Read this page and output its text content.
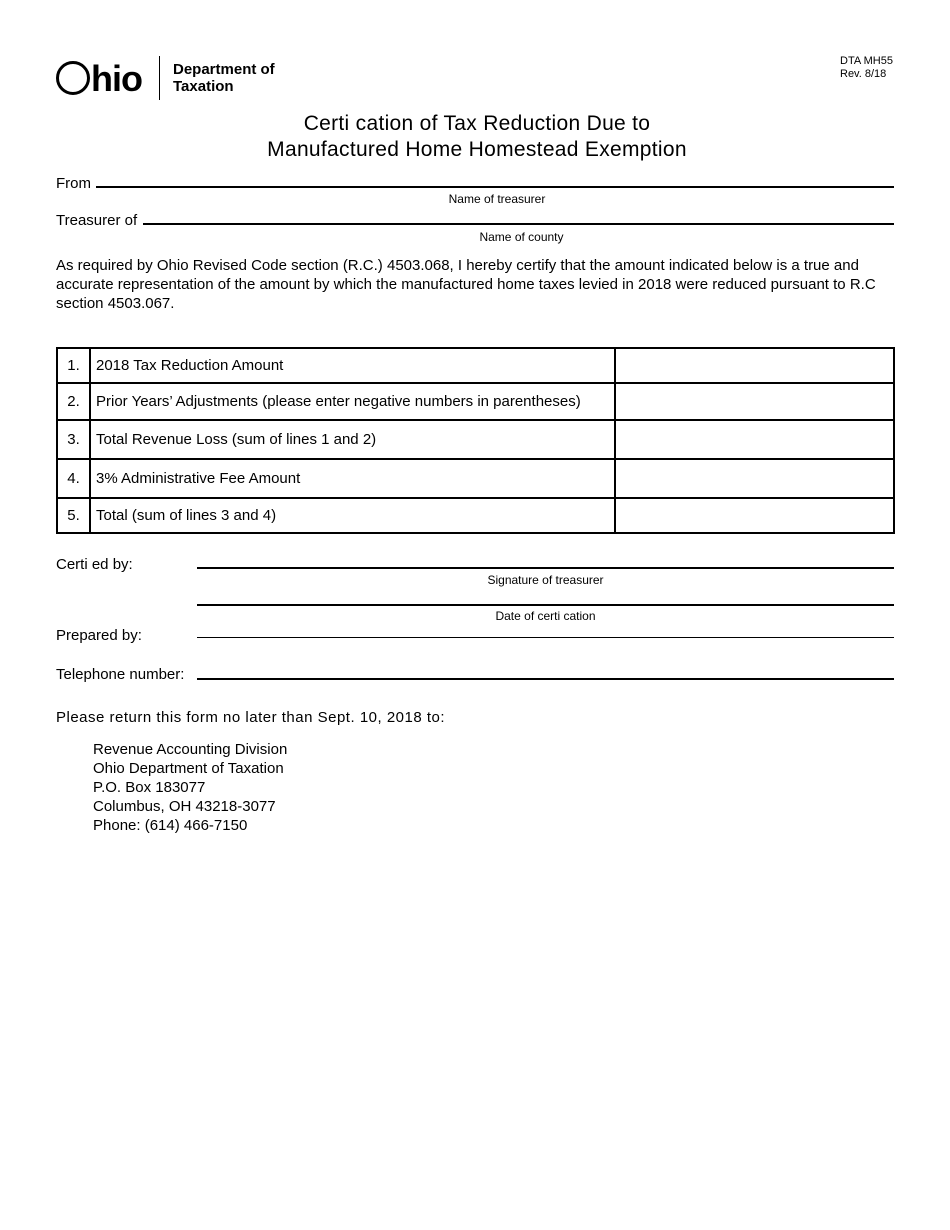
hio Department of
Taxation
DTA MH55
Rev. 8/18
Certi cation of Tax Reduction Due to
Manufactured Home Homestead Exemption
From
Name of treasurer
Treasurer of
Name of county
As required by Ohio Revised Code section (R.C.) 4503.068, I hereby certify that the amount indicated below is a true and accurate representation of the amount by which the manufactured home taxes levied in 2018 were reduced pursuant to R.C section 4503.067.
1.	2018 Tax Reduction Amount	
2.	Prior Years’ Adjustments (please enter negative numbers in parentheses)	
3.	Total Revenue Loss (sum of lines 1 and 2)	
4.	3% Administrative Fee Amount	
5.	Total (sum of lines 3 and 4)	
Certi ed by:
Signature of treasurer
Date of certi cation
Prepared by:
Telephone number:
Please return this form no later than Sept. 10, 2018 to:
Revenue Accounting Division
Ohio Department of Taxation
P.O. Box 183077
Columbus, OH 43218-3077
Phone: (614) 466-7150
